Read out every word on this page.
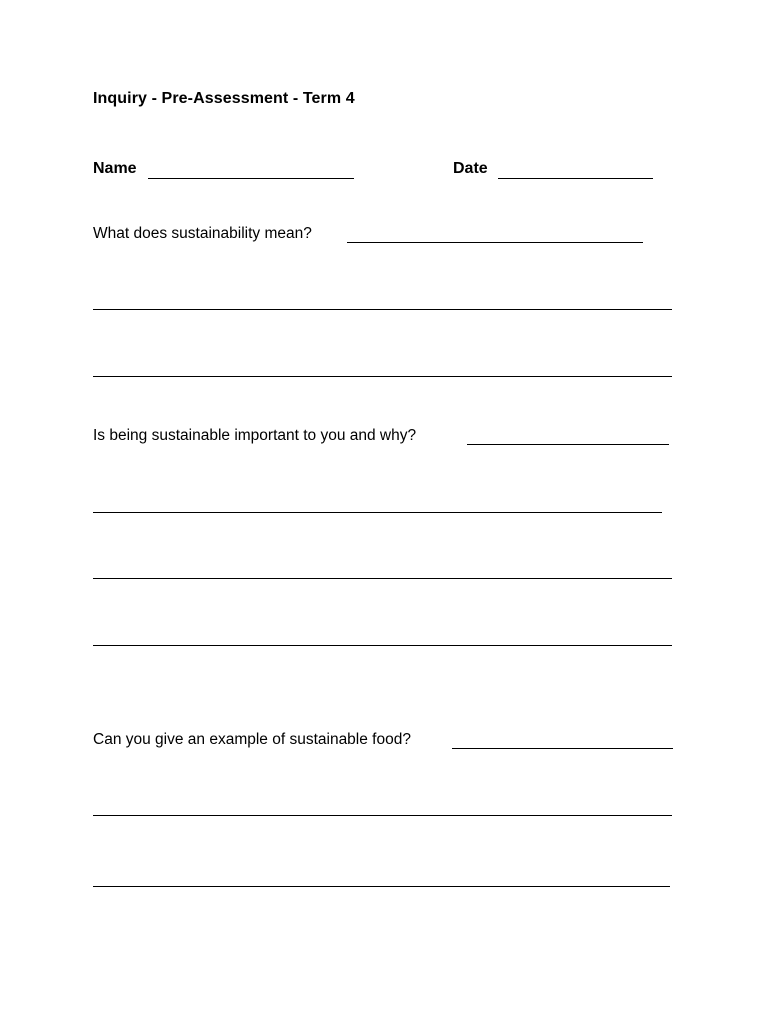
Inquiry - Pre-Assessment - Term 4
Name	Date
What does sustainability mean?
Is being sustainable important to you and why?
Can you give an example of sustainable food?
